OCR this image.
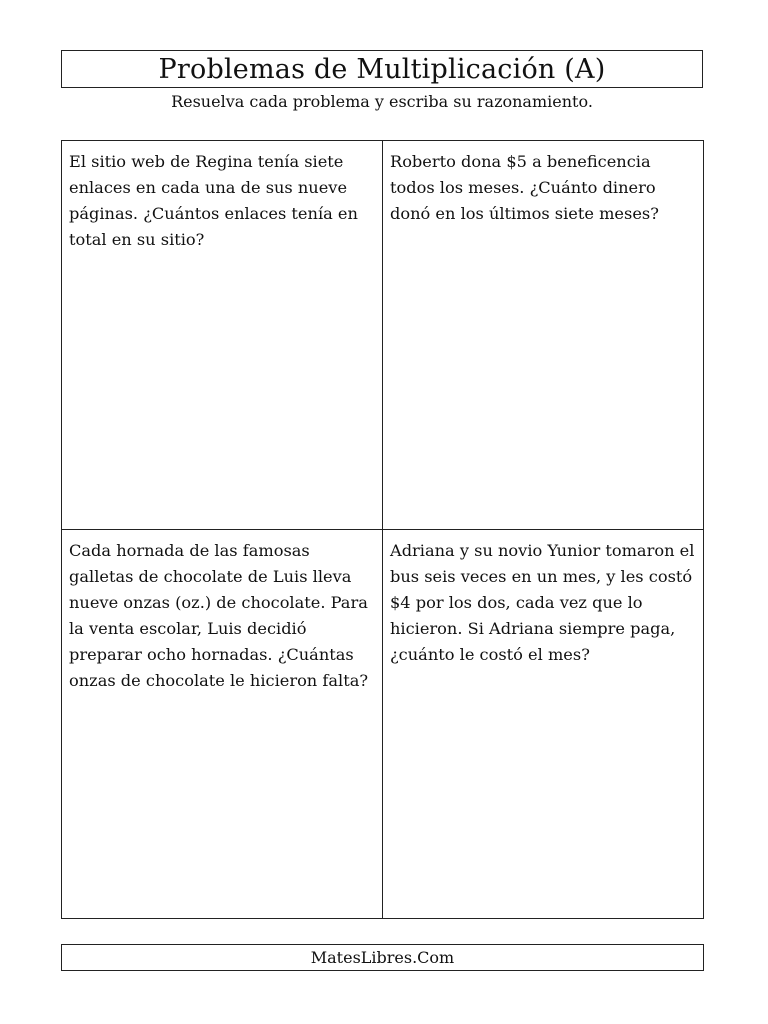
Problemas de Multiplicación (A)
Resuelva cada problema y escriba su razonamiento.
El sitio web de Regina tenía siete enlaces en cada una de sus nueve páginas. ¿Cuántos enlaces tenía en total en su sitio?
Roberto dona $5 a beneficencia todos los meses. ¿Cuánto dinero donó en los últimos siete meses?
Cada hornada de las famosas galletas de chocolate de Luis lleva nueve onzas (oz.) de chocolate. Para la venta escolar, Luis decidió preparar ocho hornadas. ¿Cuántas onzas de chocolate le hicieron falta?
Adriana y su novio Yunior tomaron el bus seis veces en un mes, y les costó $4 por los dos, cada vez que lo hicieron. Si Adriana siempre paga, ¿cuánto le costó el mes?
MatesLibres.Com
